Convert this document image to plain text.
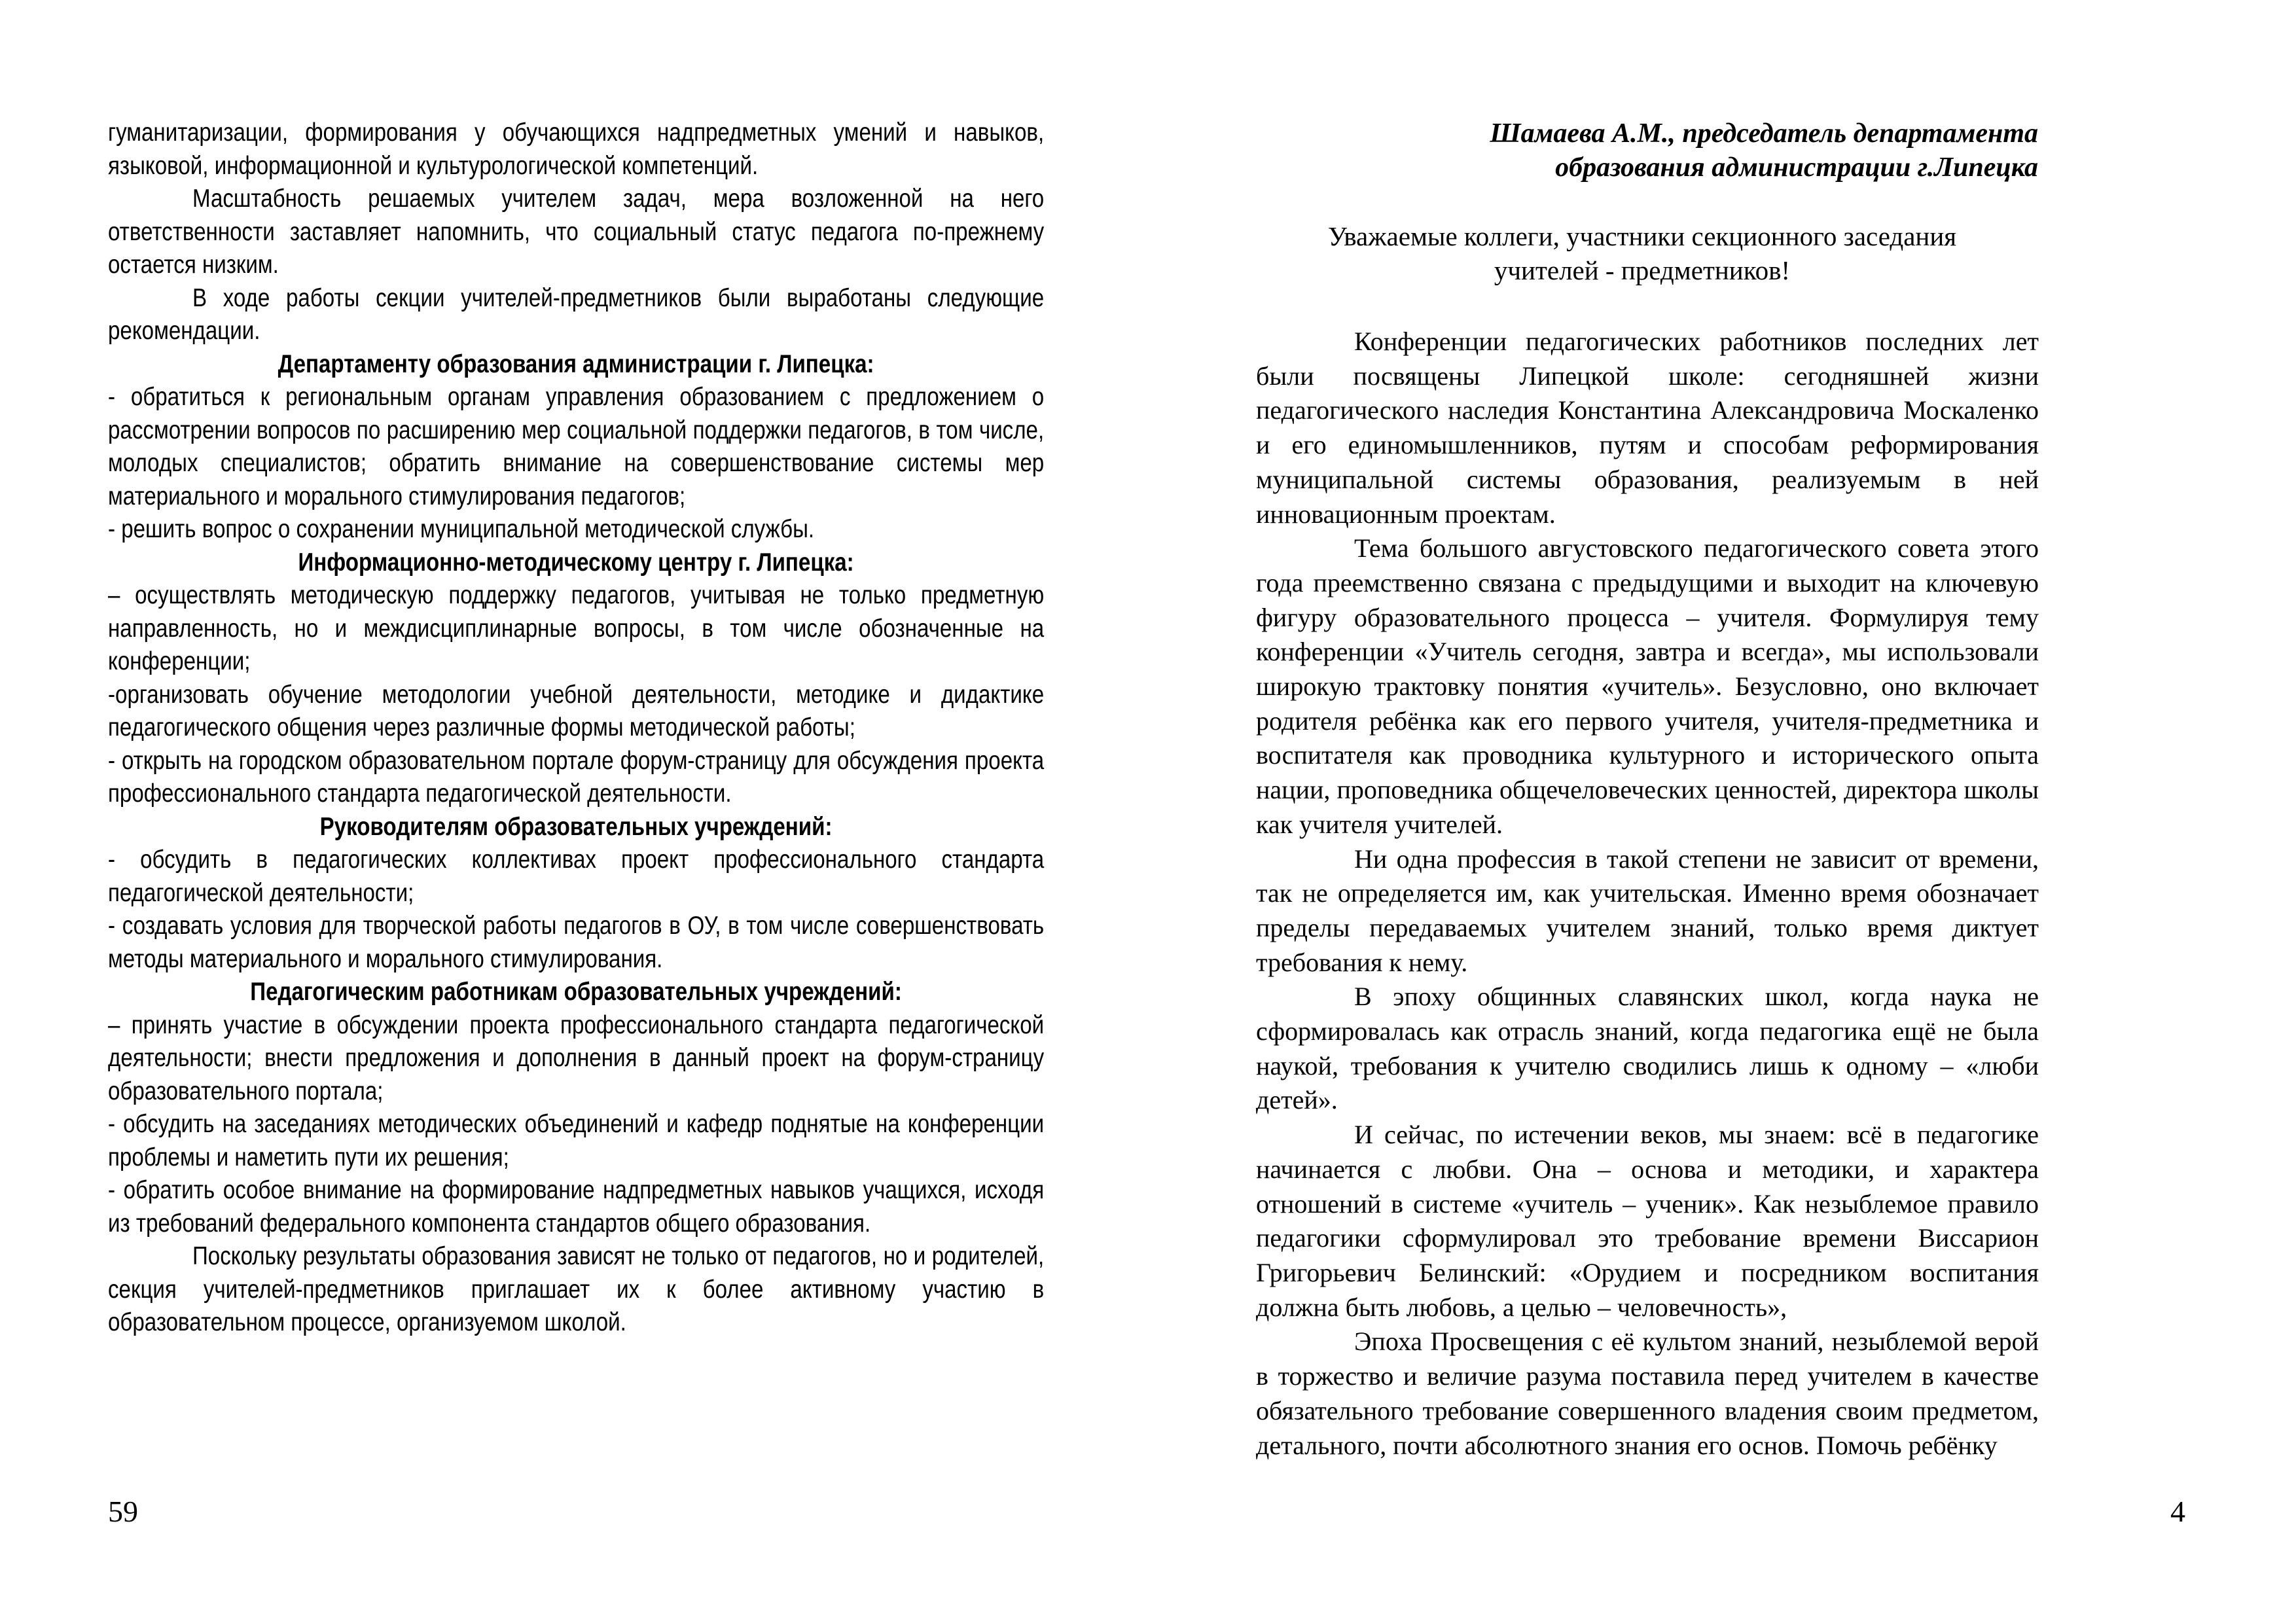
гуманитаризации, формирования у обучающихся надпредметных умений и навыков, языковой, информационной и культурологической компетенций.

Масштабность решаемых учителем задач, мера возложенной на него ответственности заставляет напомнить, что социальный статус педагога по-прежнему остается низким.

В ходе работы секции учителей-предметников были выработаны следующие рекомендации.

Департаменту образования администрации г. Липецка:

- обратиться к региональным органам управления образованием с предложением о рассмотрении вопросов по расширению мер социальной поддержки педагогов, в том числе, молодых специалистов; обратить внимание на совершенствование системы мер материального и морального стимулирования педагогов;

- решить вопрос о сохранении муниципальной методической службы.

Информационно-методическому центру г. Липецка:

– осуществлять методическую поддержку педагогов, учитывая не только предметную направленность, но и междисциплинарные вопросы, в том числе обозначенные на конференции;

-организовать обучение методологии учебной деятельности, методике и дидактике педагогического общения через различные формы методической работы;

- открыть на городском образовательном портале форум-страницу для обсуждения проекта профессионального стандарта педагогической деятельности.

Руководителям образовательных учреждений:

- обсудить в педагогических коллективах проект профессионального стандарта педагогической деятельности;

- создавать условия для творческой работы педагогов в ОУ, в том числе совершенствовать методы материального и морального стимулирования.

Педагогическим работникам образовательных учреждений:

– принять участие в обсуждении проекта профессионального стандарта педагогической деятельности; внести предложения и дополнения в данный проект на форум-страницу образовательного портала;

- обсудить на заседаниях методических объединений и кафедр поднятые на конференции проблемы и наметить пути их решения;

- обратить особое внимание на формирование надпредметных навыков учащихся, исходя из требований федерального компонента стандартов общего образования.

Поскольку результаты образования зависят не только от педагогов, но и родителей, секция учителей-предметников приглашает их к более активному участию в образовательном процессе, организуемом школой.

59
Шамаева А.М., председатель департамента
образования администрации г.Липецка
Уважаемые коллеги, участники секционного заседания
учителей - предметников!

Конференции педагогических работников последних лет были посвящены Липецкой школе: сегодняшней жизни педагогического наследия Константина Александровича Москаленко и его единомышленников, путям и способам реформирования муниципальной системы образования, реализуемым в ней инновационным проектам.

Тема большого августовского педагогического совета этого года преемственно связана с предыдущими и выходит на ключевую фигуру образовательного процесса – учителя. Формулируя тему конференции «Учитель сегодня, завтра и всегда», мы использовали широкую трактовку понятия «учитель». Безусловно, оно включает родителя ребёнка как его первого учителя, учителя-предметника и воспитателя как проводника культурного и исторического опыта нации, проповедника общечеловеческих ценностей, директора школы как учителя учителей.

Ни одна профессия в такой степени не зависит от времени, так не определяется им, как учительская. Именно время обозначает пределы передаваемых учителем знаний, только время диктует требования к нему.

В эпоху общинных славянских школ, когда наука не сформировалась как отрасль знаний, когда педагогика ещё не была наукой, требования к учителю сводились лишь к одному – «люби детей».

И сейчас, по истечении веков, мы знаем: всё в педагогике начинается с любви. Она – основа и методики, и характера отношений в системе «учитель – ученик». Как незыблемое правило педагогики сформулировал это требование времени Виссарион Григорьевич Белинский: «Орудием и посредником воспитания должна быть любовь, а целью – человечность»,

Эпоха Просвещения с её культом знаний, незыблемой верой в торжество и величие разума поставила перед учителем в качестве обязательного требование совершенного владения своим предметом, детального, почти абсолютного знания его основ. Помочь ребёнку

4
